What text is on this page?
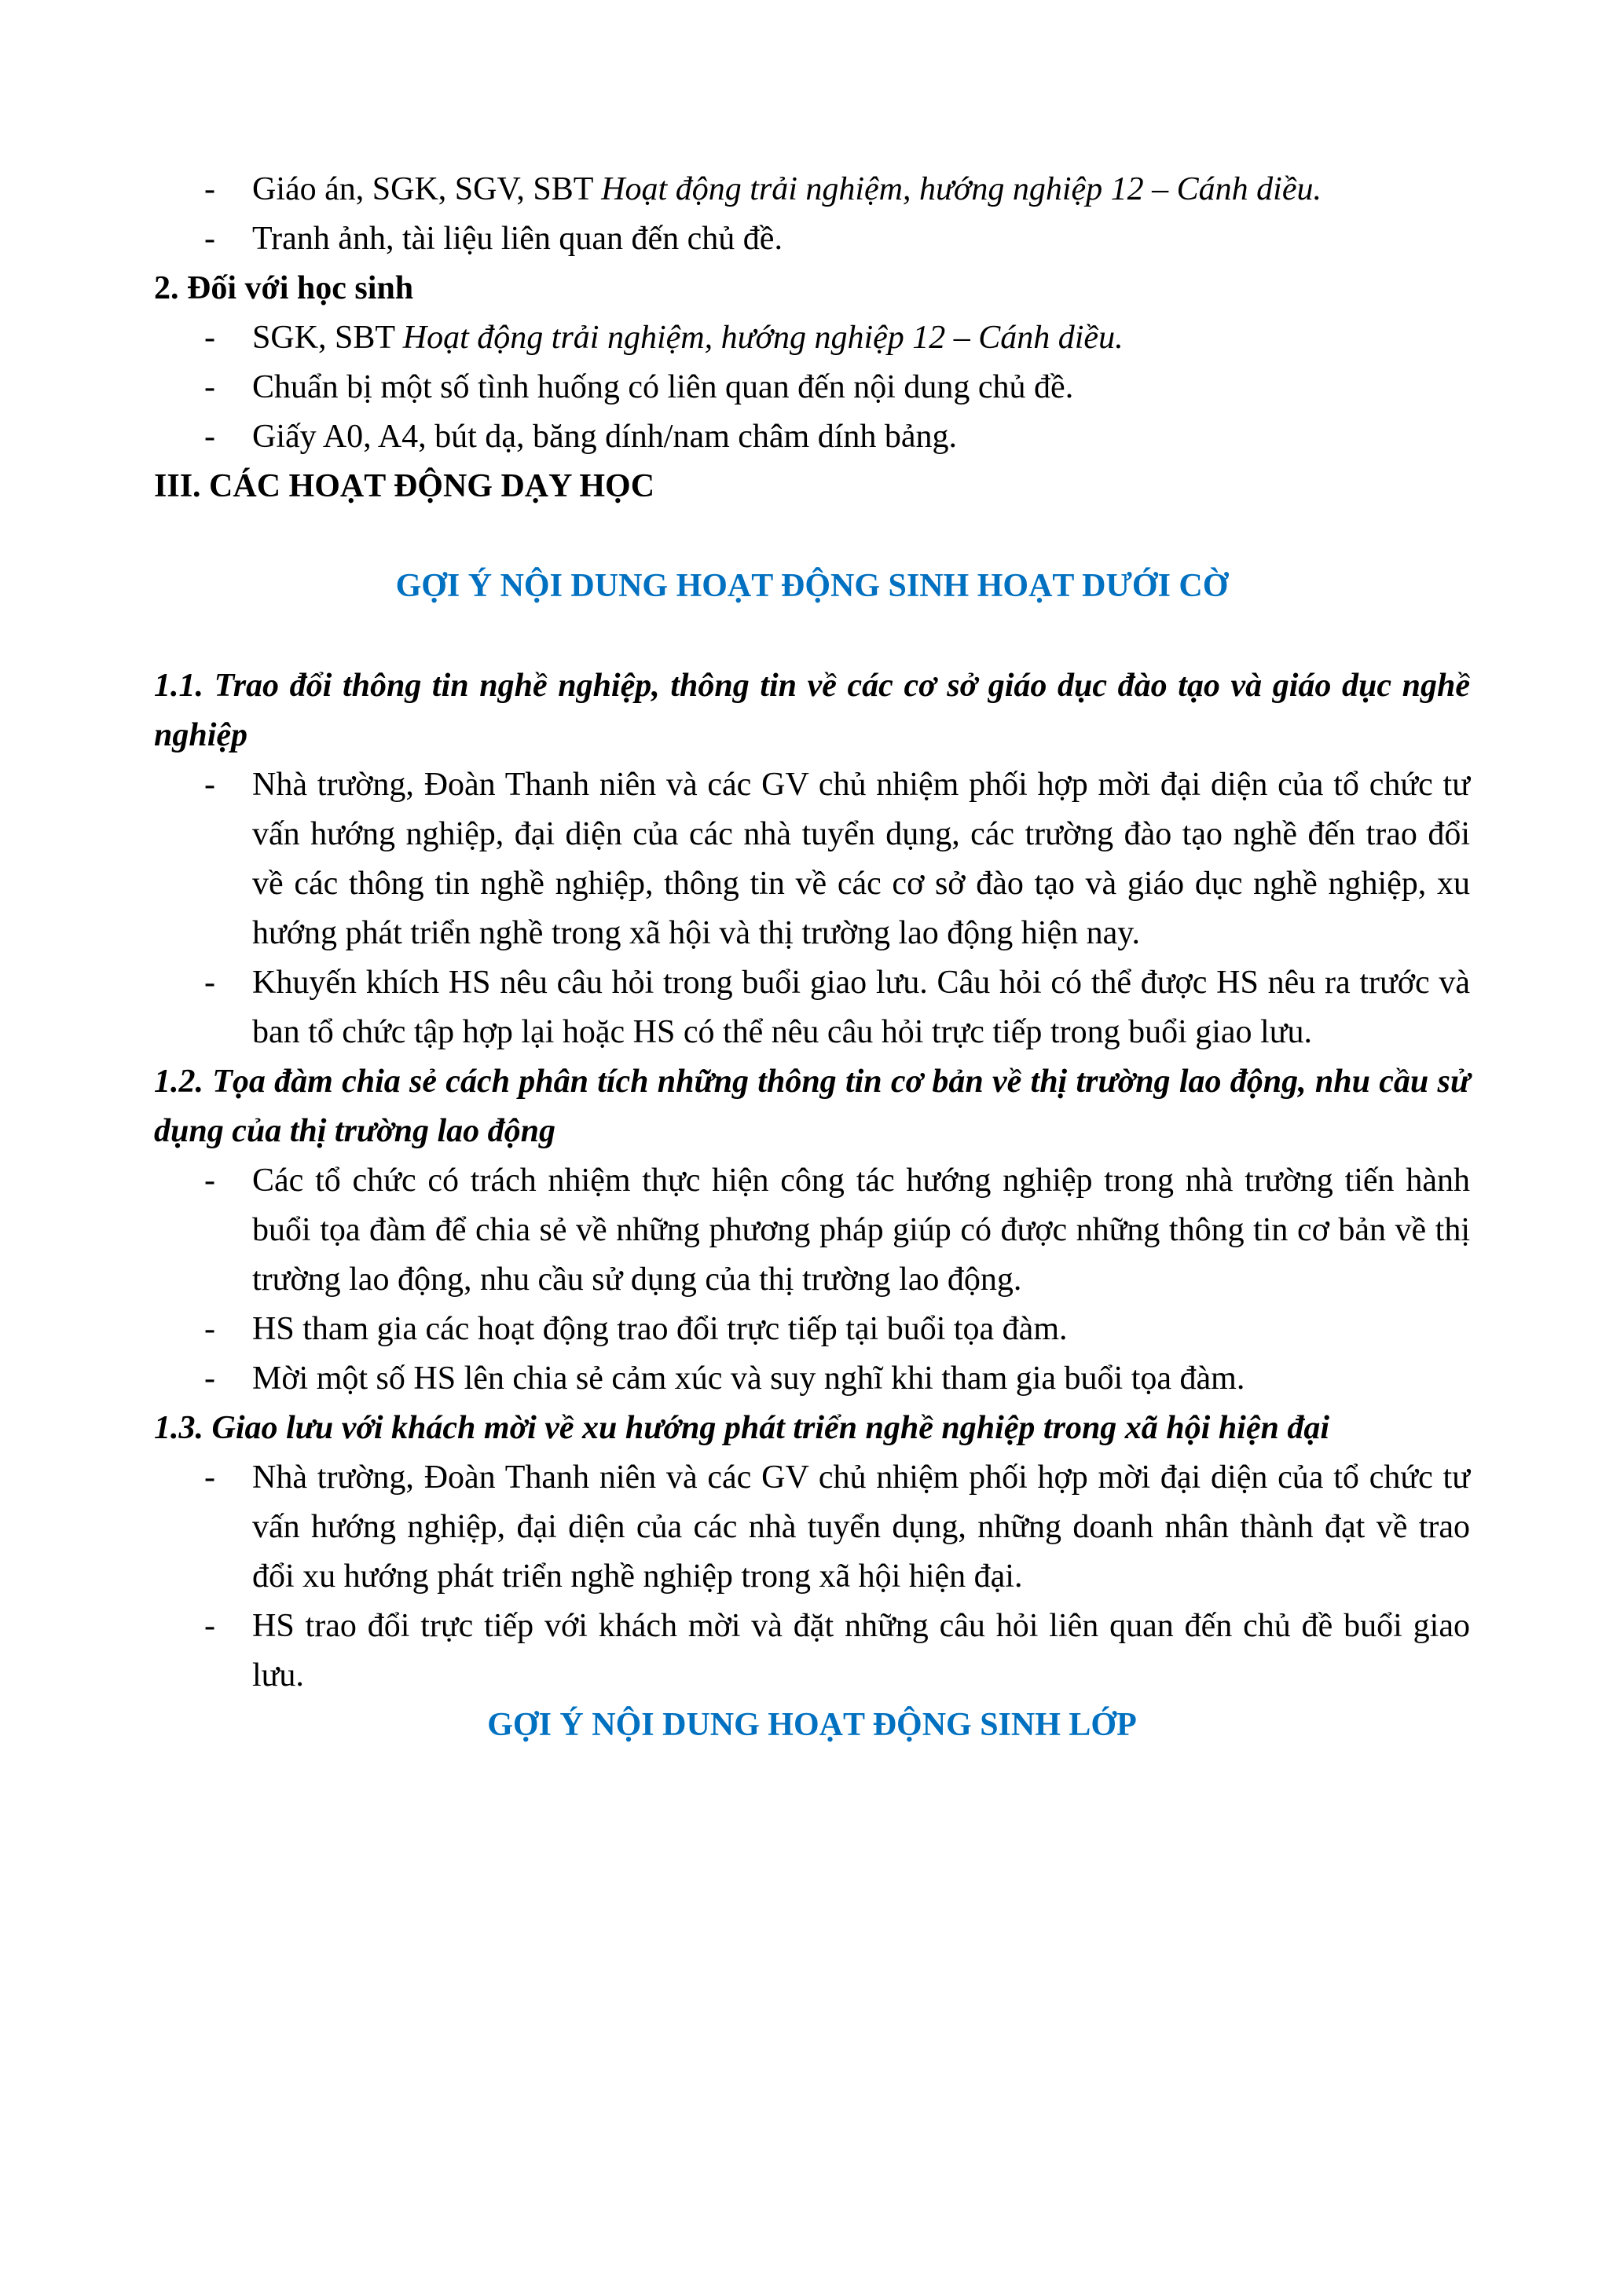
- Giáo án, SGK, SGV, SBT Hoạt động trải nghiệm, hướng nghiệp 12 – Cánh diều.
- Tranh ảnh, tài liệu liên quan đến chủ đề.

2. Đối với học sinh

- SGK, SBT Hoạt động trải nghiệm, hướng nghiệp 12 – Cánh diều.
- Chuẩn bị một số tình huống có liên quan đến nội dung chủ đề.
- Giấy A0, A4, bút dạ, băng dính/nam châm dính bảng.

III. CÁC HOẠT ĐỘNG DẠY HỌC

GỢI Ý NỘI DUNG HOẠT ĐỘNG SINH HOẠT DƯỚI CỜ

1.1. Trao đổi thông tin nghề nghiệp, thông tin về các cơ sở giáo dục đào tạo và giáo dục nghề nghiệp

- Nhà trường, Đoàn Thanh niên và các GV chủ nhiệm phối hợp mời đại diện của tổ chức tư vấn hướng nghiệp, đại diện của các nhà tuyển dụng, các trường đào tạo nghề đến trao đổi về các thông tin nghề nghiệp, thông tin về các cơ sở đào tạo và giáo dục nghề nghiệp, xu hướng phát triển nghề trong xã hội và thị trường lao động hiện nay.
- Khuyến khích HS nêu câu hỏi trong buổi giao lưu. Câu hỏi có thể được HS nêu ra trước và ban tổ chức tập hợp lại hoặc HS có thể nêu câu hỏi trực tiếp trong buổi giao lưu.

1.2. Tọa đàm chia sẻ cách phân tích những thông tin cơ bản về thị trường lao động, nhu cầu sử dụng của thị trường lao động

- Các tổ chức có trách nhiệm thực hiện công tác hướng nghiệp trong nhà trường tiến hành buổi tọa đàm để chia sẻ về những phương pháp giúp có được những thông tin cơ bản về thị trường lao động, nhu cầu sử dụng của thị trường lao động.
- HS tham gia các hoạt động trao đổi trực tiếp tại buổi tọa đàm.
- Mời một số HS lên chia sẻ cảm xúc và suy nghĩ khi tham gia buổi tọa đàm.

1.3. Giao lưu với khách mời về xu hướng phát triển nghề nghiệp trong xã hội hiện đại

- Nhà trường, Đoàn Thanh niên và các GV chủ nhiệm phối hợp mời đại diện của tổ chức tư vấn hướng nghiệp, đại diện của các nhà tuyển dụng, những doanh nhân thành đạt về trao đổi xu hướng phát triển nghề nghiệp trong xã hội hiện đại.
- HS trao đổi trực tiếp với khách mời và đặt những câu hỏi liên quan đến chủ đề buổi giao lưu.

GỢI Ý NỘI DUNG HOẠT ĐỘNG SINH LỚP
